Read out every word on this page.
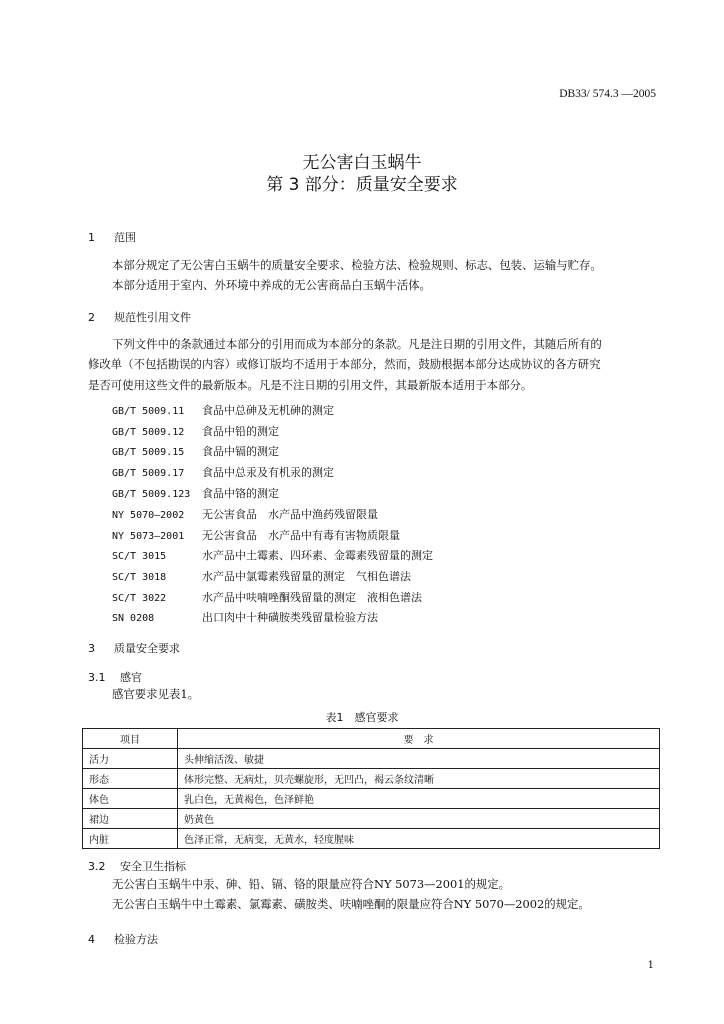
DB33/ 574.3 —2005
无公害白玉蜗牛
第 3 部分：质量安全要求
1 范围
本部分规定了无公害白玉蜗牛的质量安全要求、检验方法、检验规则、标志、包装、运输与贮存。
本部分适用于室内、外环境中养成的无公害商品白玉蜗牛活体。
2 规范性引用文件
下列文件中的条款通过本部分的引用而成为本部分的条款。凡是注日期的引用文件，其随后所有的
修改单（不包括勘误的内容）或修订版均不适用于本部分，然而，鼓励根据本部分达成协议的各方研究
是否可使用这些文件的最新版本。凡是不注日期的引用文件，其最新版本适用于本部分。
GB/T 5009.11 食品中总砷及无机砷的测定
GB/T 5009.12 食品中铅的测定
GB/T 5009.15 食品中镉的测定
GB/T 5009.17 食品中总汞及有机汞的测定
GB/T 5009.123 食品中铬的测定
NY 5070—2002 无公害食品　水产品中渔药残留限量
NY 5073—2001 无公害食品　水产品中有毒有害物质限量
SC/T 3015	水产品中土霉素、四环素、金霉素残留量的测定
SC/T 3018	水产品中氯霉素残留量的测定　气相色谱法
SC/T 3022	水产品中呋喃唑酮残留量的测定　液相色谱法
SN 0208	出口肉中十种磺胺类残留量检验方法
3 质量安全要求
3.1 感官
感官要求见表1。
表1　感官要求
项目	要　求
活力	头伸缩活泼、敏捷
形态	体形完整、无病灶，贝壳螺旋形，无凹凸，褐云条纹清晰
体色	乳白色，无黄褐色，色泽鲜艳
裙边	奶黄色
内脏	色泽正常，无病变，无黄水，轻度腥味
3.2 安全卫生指标
无公害白玉蜗牛中汞、砷、铅、镉、铬的限量应符合NY 5073—2001的规定。
无公害白玉蜗牛中土霉素、氯霉素、磺胺类、呋喃唑酮的限量应符合NY 5070—2002的规定。
4 检验方法
1
